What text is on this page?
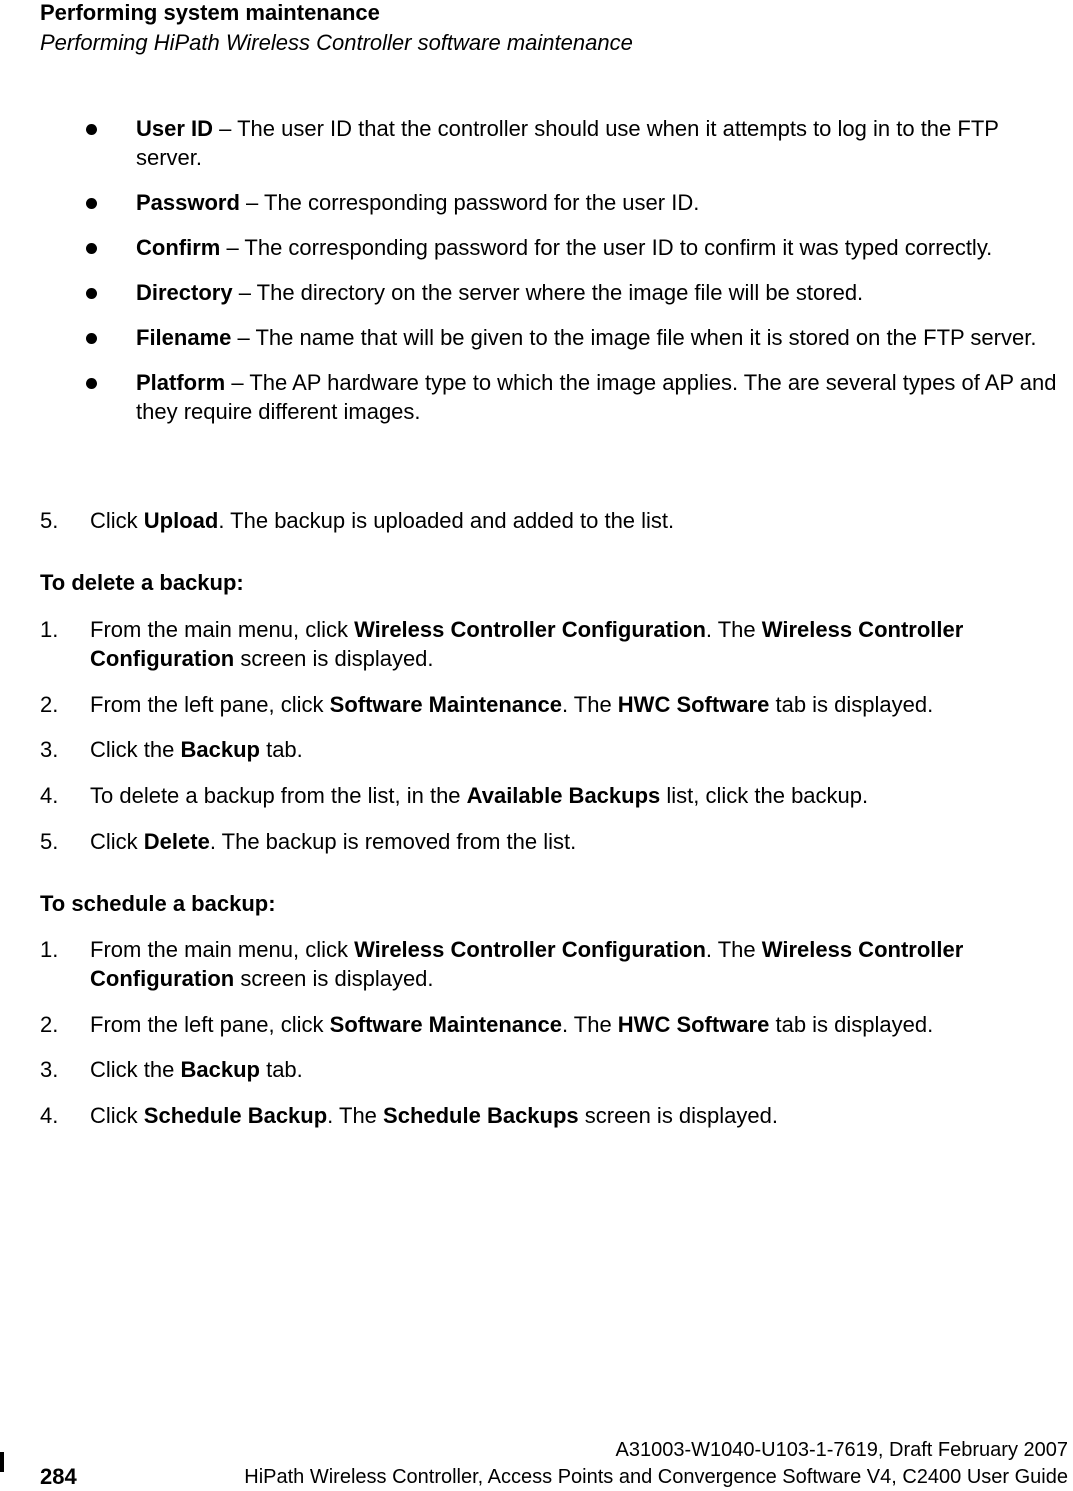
Performing system maintenance
Performing HiPath Wireless Controller software maintenance
User ID – The user ID that the controller should use when it attempts to log in to the FTP server.
Password – The corresponding password for the user ID.
Confirm – The corresponding password for the user ID to confirm it was typed correctly.
Directory – The directory on the server where the image file will be stored.
Filename – The name that will be given to the image file when it is stored on the FTP server.
Platform – The AP hardware type to which the image applies. The are several types of AP and they require different images.
5. Click Upload. The backup is uploaded and added to the list.
To delete a backup:
1. From the main menu, click Wireless Controller Configuration. The Wireless Controller Configuration screen is displayed.
2. From the left pane, click Software Maintenance. The HWC Software tab is displayed.
3. Click the Backup tab.
4. To delete a backup from the list, in the Available Backups list, click the backup.
5. Click Delete. The backup is removed from the list.
To schedule a backup:
1. From the main menu, click Wireless Controller Configuration. The Wireless Controller Configuration screen is displayed.
2. From the left pane, click Software Maintenance. The HWC Software tab is displayed.
3. Click the Backup tab.
4. Click Schedule Backup. The Schedule Backups screen is displayed.
284
A31003-W1040-U103-1-7619, Draft February 2007
HiPath Wireless Controller, Access Points and Convergence Software V4, C2400 User Guide
